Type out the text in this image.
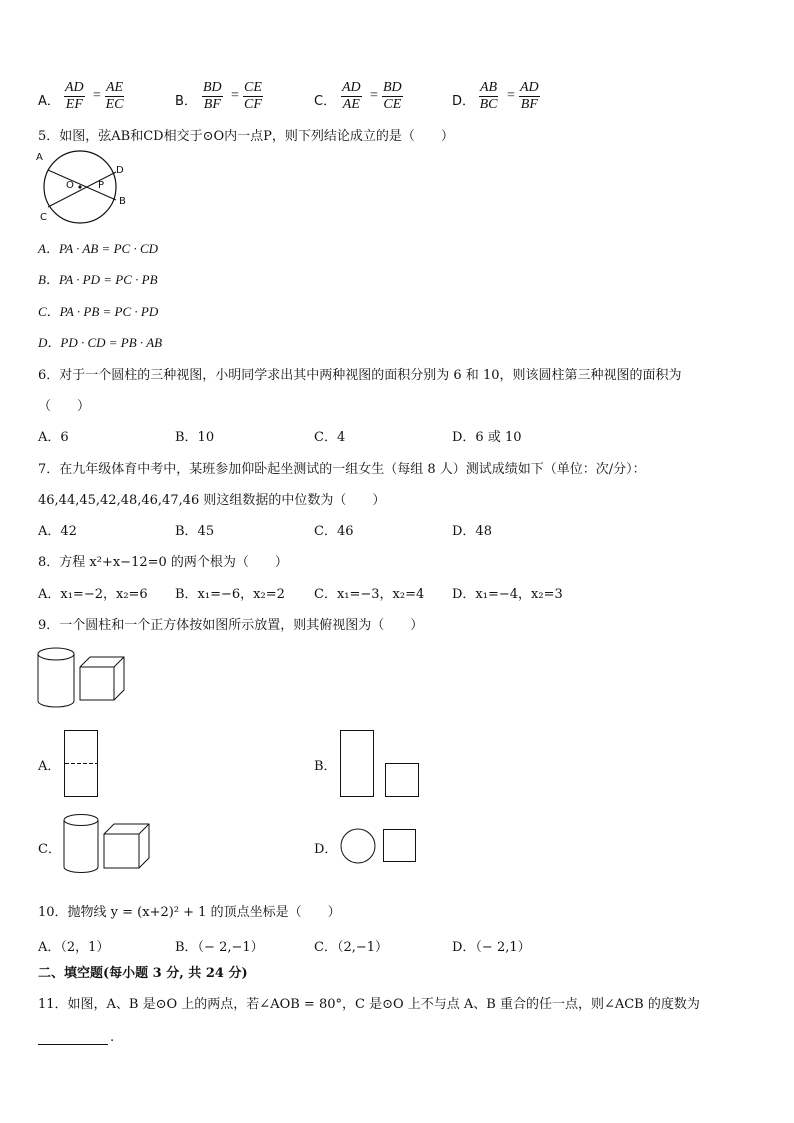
A． $\frac{AD}{EF} = \frac{AE}{EC}$	B． $\frac{BD}{BF} = \frac{CE}{CF}$	C． $\frac{AD}{AE} = \frac{BD}{CE}$	D． $\frac{AB}{BC} = \frac{AD}{BF}$
5．如图，弦AB和CD相交于⊙O内一点P，则下列结论成立的是（　　）
A
O P
D
B
C
A．PA · AB = PC · CD
B．PA · PD = PC · PB
C．PA · PB = PC · PD
D．PD · CD = PB · AB
6．对于一个圆柱的三种视图，小明同学求出其中两种视图的面积分别为 6 和 10，则该圆柱第三种视图的面积为
（　　）
A．6	B．10	C．4	D．6 或 10
7．在九年级体育中考中，某班参加仰卧起坐测试的一组女生（每组 8 人）测试成绩如下（单位：次/分）：
46,44,45,42,48,46,47,46 则这组数据的中位数为（　　）
A．42	B．45	C．46	D．48
8．方程 x²+x−12=0 的两个根为（　　）
A．x₁=−2，x₂=6 B．x₁=−6，x₂=2 C．x₁=−3，x₂=4 D．x₁=−4，x₂=3
9．一个圆柱和一个正方体按如图所示放置，则其俯视图为（　　）
A．	B．
C．	D．
10．抛物线 y = (x+2)² + 1 的顶点坐标是（　　）
A．（2，1）	B．（− 2,−1）	C．（2,−1）	D．（− 2,1）
二、填空题(每小题 3 分, 共 24 分)
11．如图，A、B 是⊙O 上的两点，若∠AOB = 80°，C 是⊙O 上不与点 A、B 重合的任一点，则∠ACB 的度数为
.
